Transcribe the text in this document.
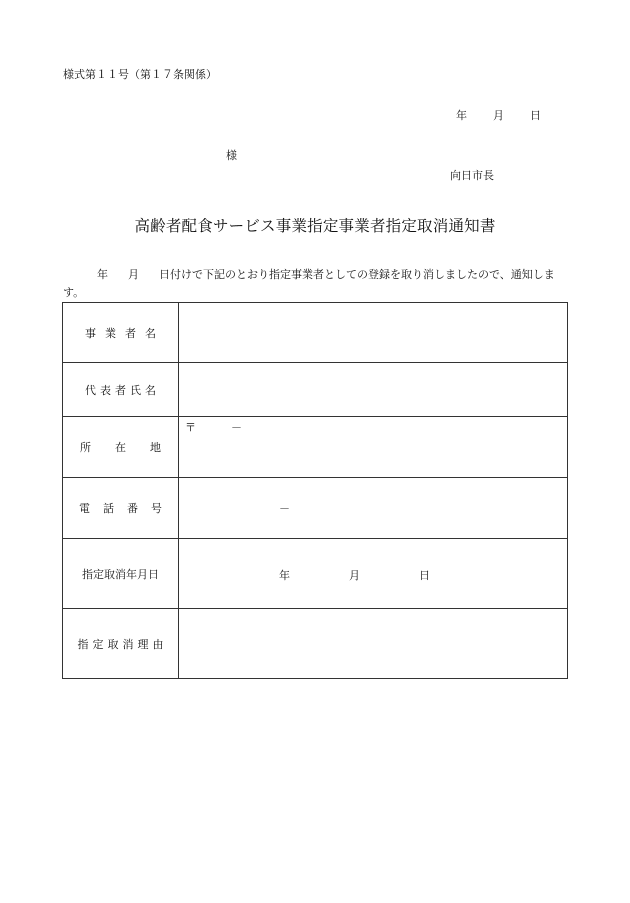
様式第１１号（第１７条関係）
年 月 日
様
向日市長
高齢者配食サービス事業指定事業者指定取消通知書
年 月 日付けで下記のとおり指定事業者としての登録を取り消しましたので、通知します。
事業者名	
代表者氏名	
所在地	〒 －

電話番号	－

指定取消年月日	年 月 日

指定取消理由	
